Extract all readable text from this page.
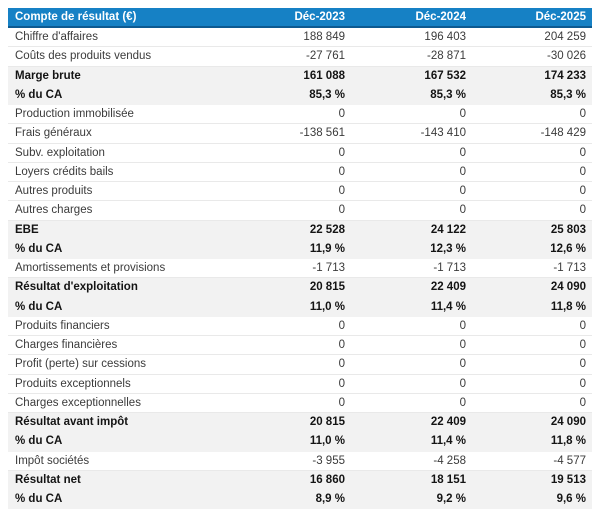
Compte de résultat (€)	Déc-2023	Déc-2024	Déc-2025
Chiffre d'affaires	188 849	196 403	204 259
Coûts des produits vendus	-27 761	-28 871	-30 026
Marge brute	161 088	167 532	174 233
% du CA	85,3 %	85,3 %	85,3 %
Production immobilisée	0	0	0
Frais généraux	-138 561	-143 410	-148 429
Subv. exploitation	0	0	0
Loyers crédits bails	0	0	0
Autres produits	0	0	0
Autres charges	0	0	0
EBE	22 528	24 122	25 803
% du CA	11,9 %	12,3 %	12,6 %
Amortissements et provisions	-1 713	-1 713	-1 713
Résultat d'exploitation	20 815	22 409	24 090
% du CA	11,0 %	11,4 %	11,8 %
Produits financiers	0	0	0
Charges financières	0	0	0
Profit (perte) sur cessions	0	0	0
Produits exceptionnels	0	0	0
Charges exceptionnelles	0	0	0
Résultat avant impôt	20 815	22 409	24 090
% du CA	11,0 %	11,4 %	11,8 %
Impôt sociétés	-3 955	-4 258	-4 577
Résultat net	16 860	18 151	19 513
% du CA	8,9 %	9,2 %	9,6 %
